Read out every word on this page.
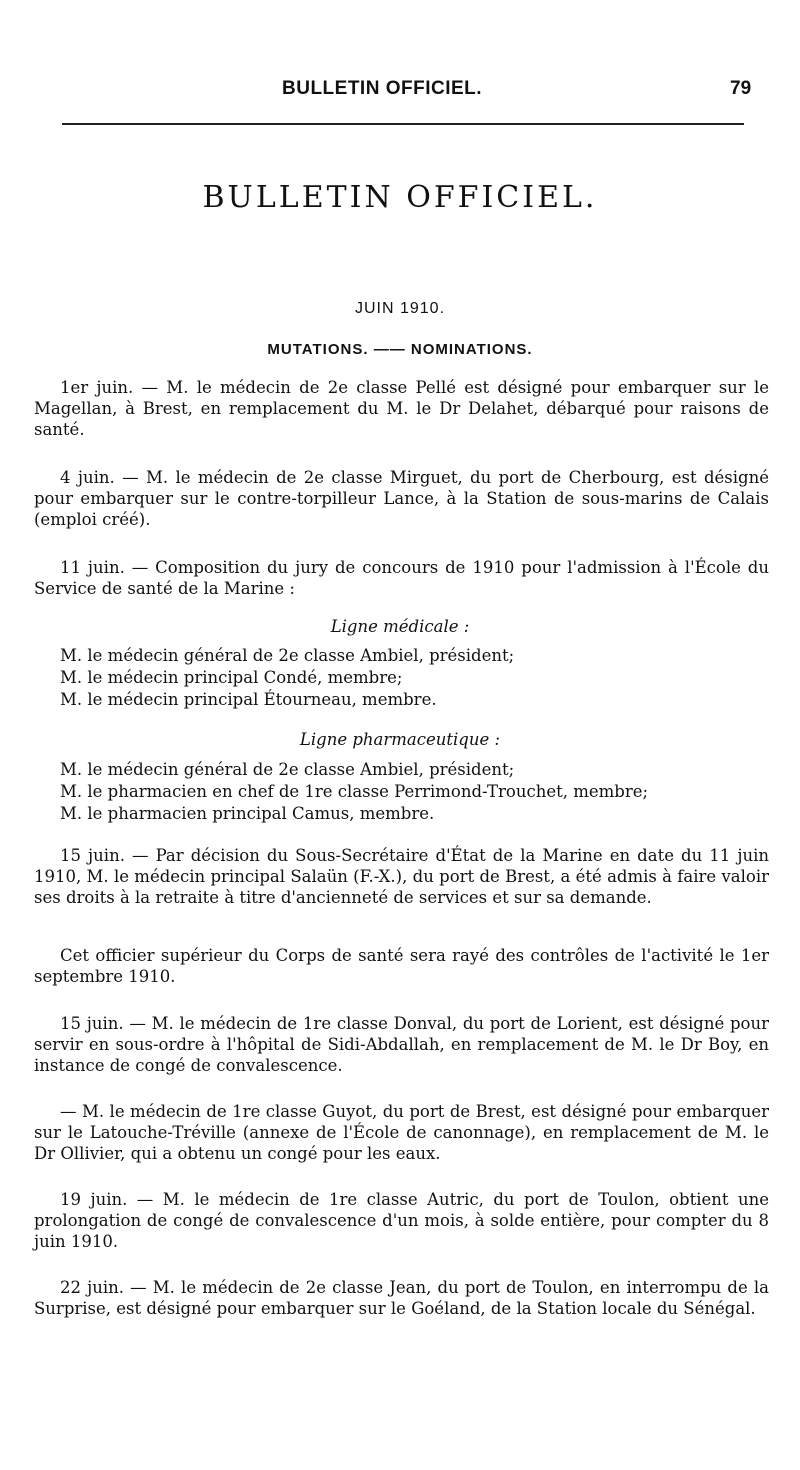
BULLETIN OFFICIEL.	79
BULLETIN OFFICIEL.
JUIN 1910.
MUTATIONS. —— NOMINATIONS.

1er juin. — M. le médecin de 2e classe Pellé est désigné pour embarquer sur le Magellan, à Brest, en remplacement du M. le Dr Delahet, débarqué pour raisons de santé.

4 juin. — M. le médecin de 2e classe Mirguet, du port de Cherbourg, est désigné pour embarquer sur le contre-torpilleur Lance, à la Station de sous-marins de Calais (emploi créé).

11 juin. — Composition du jury de concours de 1910 pour l'admission à l'École du Service de santé de la Marine :

Ligne médicale :

M. le médecin général de 2e classe Ambiel, président;

M. le médecin principal Condé, membre;

M. le médecin principal Étourneau, membre.

Ligne pharmaceutique :

M. le médecin général de 2e classe Ambiel, président;

M. le pharmacien en chef de 1re classe Perrimond-Trouchet, membre;

M. le pharmacien principal Camus, membre.

15 juin. — Par décision du Sous-Secrétaire d'État de la Marine en date du 11 juin 1910, M. le médecin principal Salaün (F.-X.), du port de Brest, a été admis à faire valoir ses droits à la retraite à titre d'ancienneté de services et sur sa demande.

Cet officier supérieur du Corps de santé sera rayé des contrôles de l'activité le 1er septembre 1910.

15 juin. — M. le médecin de 1re classe Donval, du port de Lorient, est désigné pour servir en sous-ordre à l'hôpital de Sidi-Abdallah, en remplacement de M. le Dr Boy, en instance de congé de convalescence.

— M. le médecin de 1re classe Guyot, du port de Brest, est désigné pour embarquer sur le Latouche-Tréville (annexe de l'École de canonnage), en remplacement de M. le Dr Ollivier, qui a obtenu un congé pour les eaux.

19 juin. — M. le médecin de 1re classe Autric, du port de Toulon, obtient une prolongation de congé de convalescence d'un mois, à solde entière, pour compter du 8 juin 1910.

22 juin. — M. le médecin de 2e classe Jean, du port de Toulon, en interrompu de la Surprise, est désigné pour embarquer sur le Goéland, de la Station locale du Sénégal.
